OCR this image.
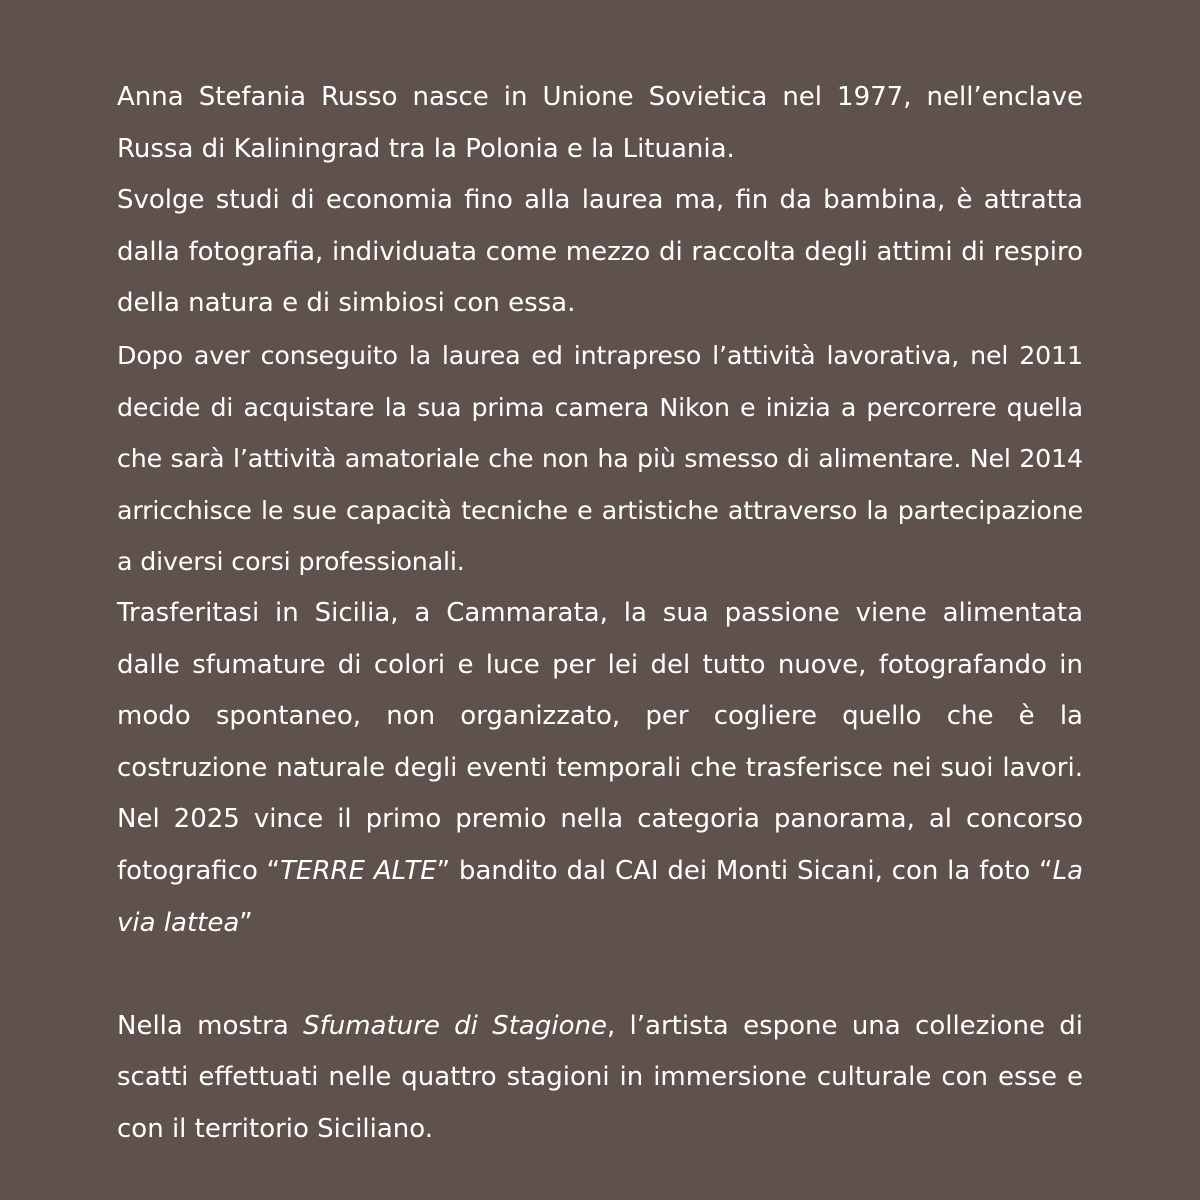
Anna Stefania Russo nasce in Unione Sovietica nel 1977, nell’enclave Russa di Kaliningrad tra la Polonia e la Lituania.

Svolge studi di economia fino alla laurea ma, fin da bambina, è attratta dalla fotografia, individuata come mezzo di raccolta degli attimi di respiro della natura e di simbiosi con essa.

Dopo aver conseguito la laurea ed intrapreso l’attività lavorativa, nel 2011 decide di acquistare la sua prima camera Nikon e inizia a percorrere quella che sarà l’attività amatoriale che non ha più smesso di alimentare. Nel 2014 arricchisce le sue capacità tecniche e artistiche attraverso la partecipazione a diversi corsi professionali.

Trasferitasi in Sicilia, a Cammarata, la sua passione viene alimentata dalle sfumature di colori e luce per lei del tutto nuove, fotografando in modo spontaneo, non organizzato, per cogliere quello che è la costruzione naturale degli eventi temporali che trasferisce nei suoi lavori. Nel 2025 vince il primo premio nella categoria panorama, al concorso fotografico “TERRE ALTE” bandito dal CAI dei Monti Sicani, con la foto “La via lattea”

Nella mostra Sfumature di Stagione, l’artista espone una collezione di scatti effettuati nelle quattro stagioni in immersione culturale con esse e con il territorio Siciliano.
